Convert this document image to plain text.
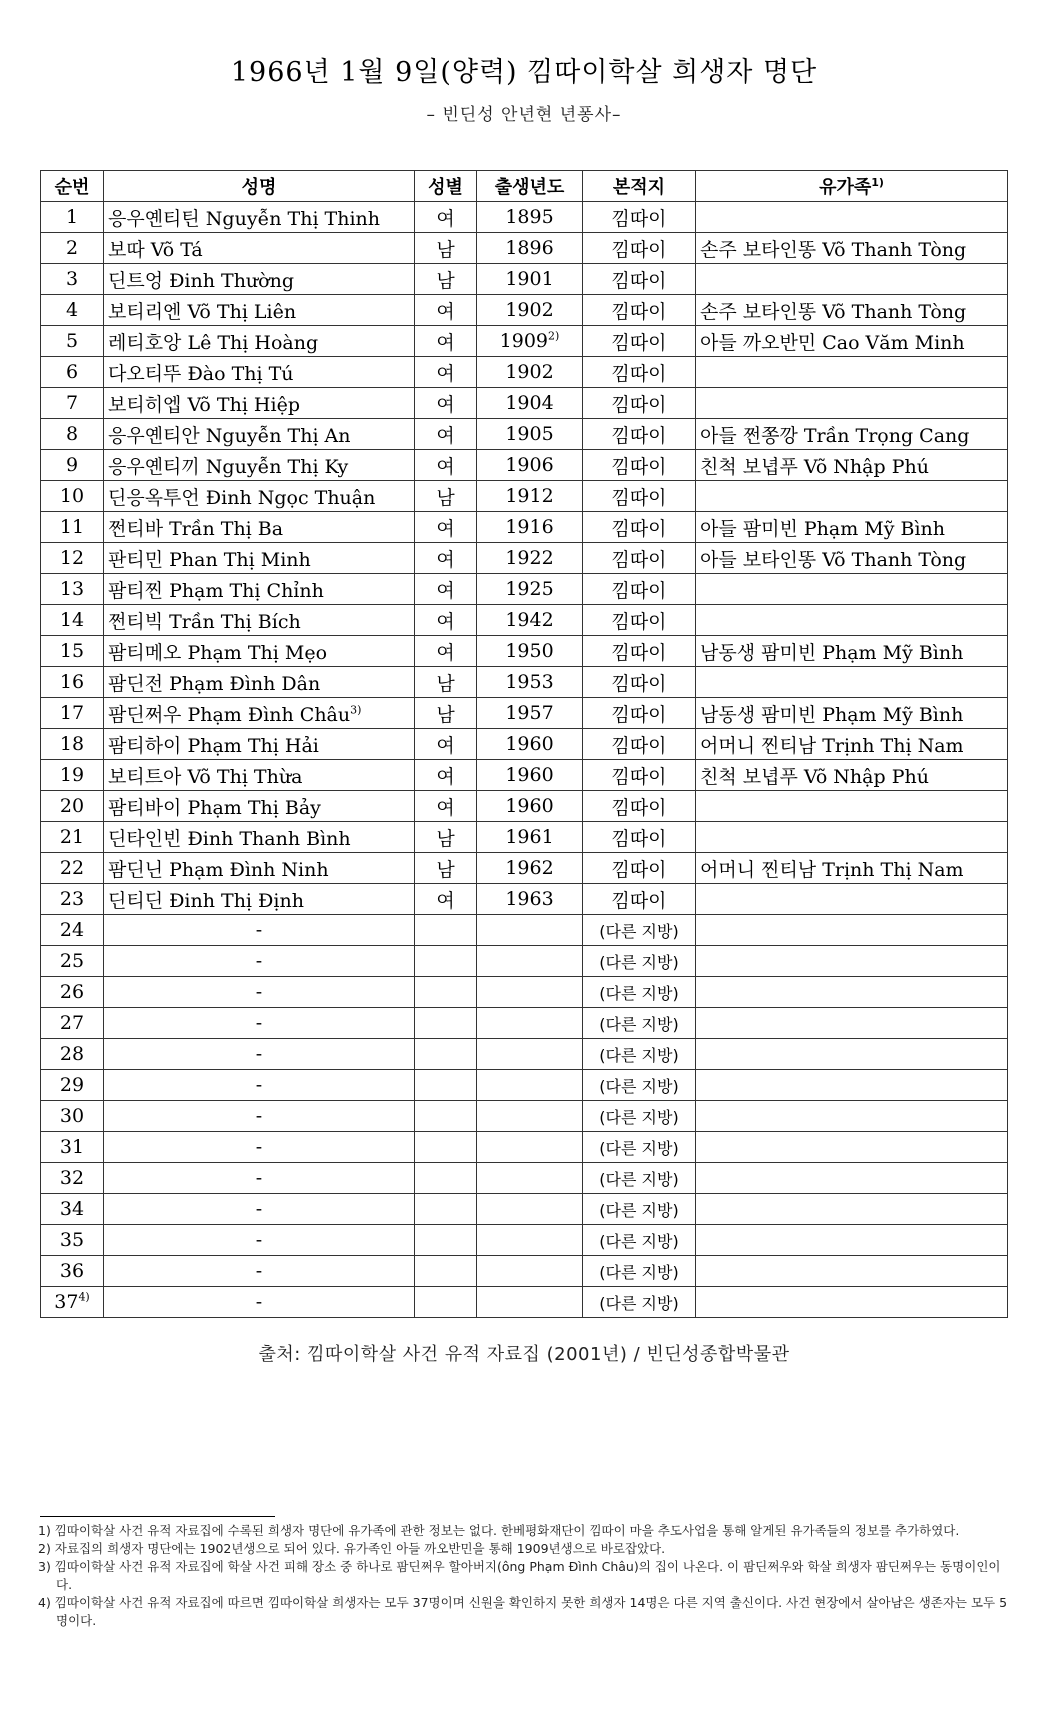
1966년 1월 9일(양력) 낌따이학살 희생자 명단
– 빈딘성 안년현 년퐁사–
순번	성명	성별	출생년도	본적지	유가족$^{1)}$
1	응우옌티틴 Nguyễn Thị Thinh	여	1895	낌따이	
2	보따 Võ Tá	남	1896	낌따이	손주 보타인똥 Võ Thanh Tòng
3	딘트엉 Đinh Thường	남	1901	낌따이	
4	보티리엔 Võ Thị Liên	여	1902	낌따이	손주 보타인똥 Võ Thanh Tòng
5	레티호앙 Lê Thị Hoàng	여	1909$^{2)}$	낌따이	아들 까오반민 Cao Văm Minh
6	다오티뚜 Đào Thị Tú	여	1902	낌따이	
7	보티히엡 Võ Thị Hiệp	여	1904	낌따이	
8	응우옌티안 Nguyễn Thị An	여	1905	낌따이	아들 쩐쫑깡 Trần Trọng Cang
9	응우옌티끼 Nguyễn Thị Ky	여	1906	낌따이	친척 보녑푸 Võ Nhập Phú
10	딘응옥투언 Đinh Ngọc Thuận	남	1912	낌따이	
11	쩐티바 Trần Thị Ba	여	1916	낌따이	아들 팜미빈 Phạm Mỹ Bình
12	판티민 Phan Thị Minh	여	1922	낌따이	아들 보타인똥 Võ Thanh Tòng
13	팜티찐 Phạm Thị Chỉnh	여	1925	낌따이	
14	쩐티빅 Trần Thị Bích	여	1942	낌따이	
15	팜티메오 Phạm Thị Mẹo	여	1950	낌따이	남동생 팜미빈 Phạm Mỹ Bình
16	팜딘전 Phạm Đình Dân	남	1953	낌따이	
17	팜딘쩌우 Phạm Đình Châu$^{3)}$	남	1957	낌따이	남동생 팜미빈 Phạm Mỹ Bình
18	팜티하이 Phạm Thị Hải	여	1960	낌따이	어머니 찐티남 Trịnh Thị Nam
19	보티트아 Võ Thị Thừa	여	1960	낌따이	친척 보녑푸 Võ Nhập Phú
20	팜티바이 Phạm Thị Bảy	여	1960	낌따이	
21	딘타인빈 Đinh Thanh Bình	남	1961	낌따이	
22	팜딘닌 Phạm Đình Ninh	남	1962	낌따이	어머니 찐티남 Trịnh Thị Nam
23	딘티딘 Đinh Thị Định	여	1963	낌따이	
24	-			(다른 지방)	
25	-			(다른 지방)	
26	-			(다른 지방)	
27	-			(다른 지방)	
28	-			(다른 지방)	
29	-			(다른 지방)	
30	-			(다른 지방)	
31	-			(다른 지방)	
32	-			(다른 지방)	
34	-			(다른 지방)	
35	-			(다른 지방)	
36	-			(다른 지방)	
37$^{4)}$	-			(다른 지방)	
출처: 낌따이학살 사건 유적 자료집 (2001년) / 빈딘성종합박물관
1) 낌따이학살 사건 유적 자료집에 수록된 희생자 명단에 유가족에 관한 정보는 없다. 한베평화재단이 낌따이 마을 추도사업을 통해 알게된 유가족들의 정보를 추가하였다.
2) 자료집의 희생자 명단에는 1902년생으로 되어 있다. 유가족인 아들 까오반민을 통해 1909년생으로 바로잡았다.
3) 낌따이학살 사건 유적 자료집에 학살 사건 피해 장소 중 하나로 팜딘쩌우 할아버지(ông Phạm Đình Châu)의 집이 나온다. 이 팜딘쩌우와 학살 희생자 팜딘쩌우는 동명이인이다.
4) 낌따이학살 사건 유적 자료집에 따르면 낌따이학살 희생자는 모두 37명이며 신원을 확인하지 못한 희생자 14명은 다른 지역 출신이다. 사건 현장에서 살아남은 생존자는 모두 5명이다.
